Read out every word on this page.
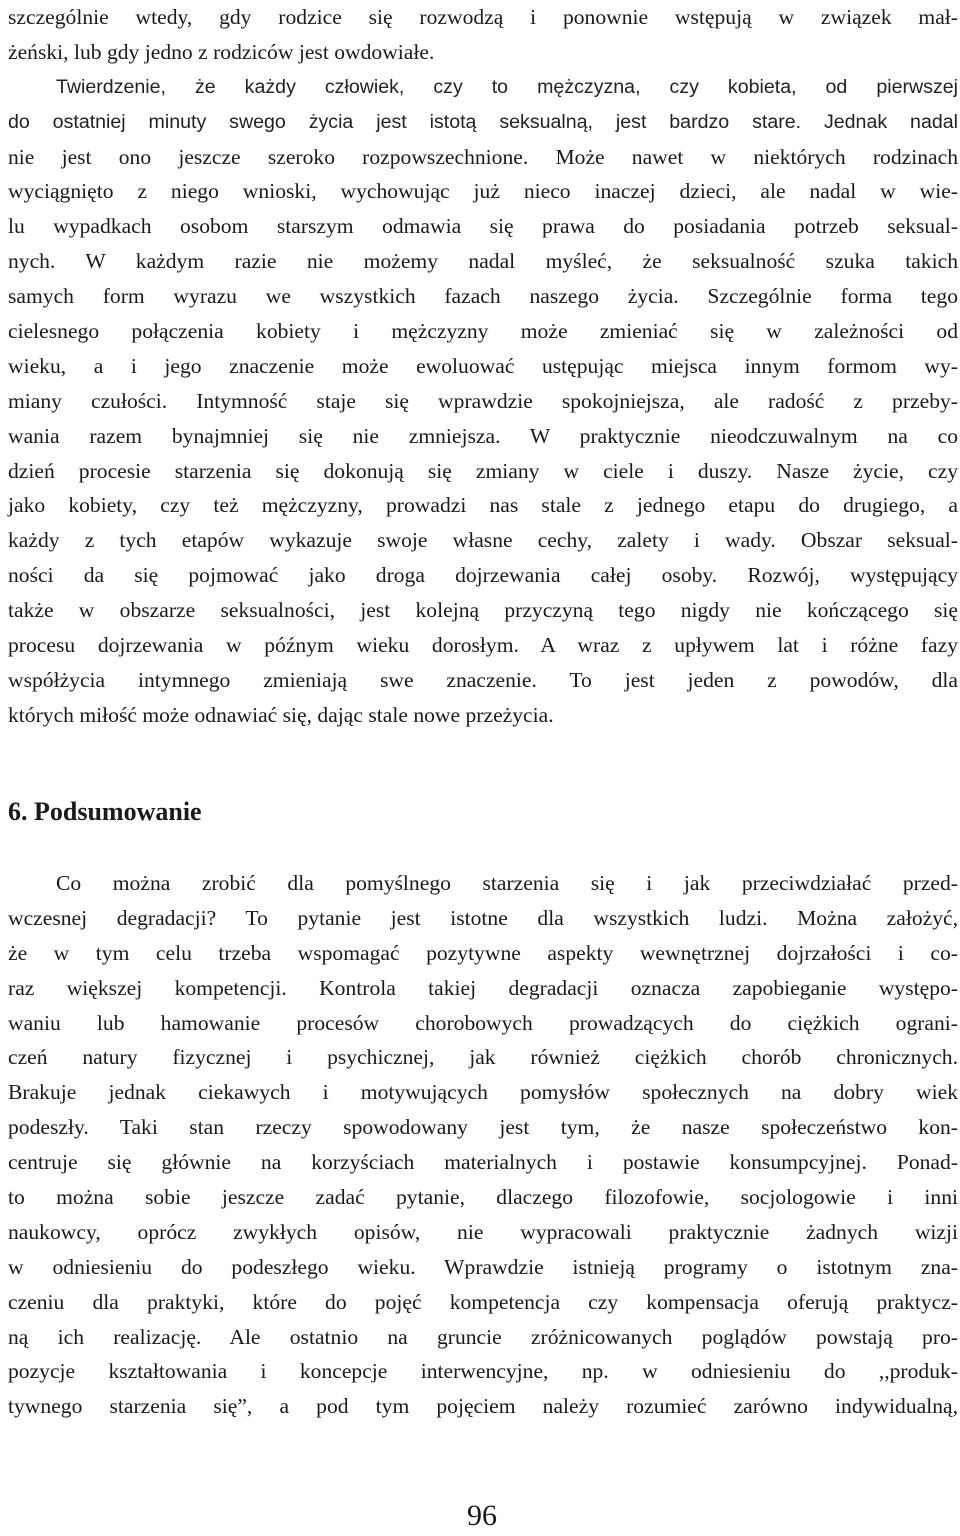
szczególnie wtedy, gdy rodzice się rozwodzą i ponownie wstępują w związek mał-
żeński, lub gdy jedno z rodziców jest owdowiałe.
Twierdzenie, że każdy człowiek, czy to mężczyzna, czy kobieta, od pierwszej
do ostatniej minuty swego życia jest istotą seksualną, jest bardzo stare. Jednak nadal
nie jest ono jeszcze szeroko rozpowszechnione. Może nawet w niektórych rodzinach
wyciągnięto z niego wnioski, wychowując już nieco inaczej dzieci, ale nadal w wie-
lu wypadkach osobom starszym odmawia się prawa do posiadania potrzeb seksual-
nych. W każdym razie nie możemy nadal myśleć, że seksualność szuka takich
samych form wyrazu we wszystkich fazach naszego życia. Szczególnie forma tego
cielesnego połączenia kobiety i mężczyzny może zmieniać się w zależności od
wieku, a i jego znaczenie może ewoluować ustępując miejsca innym formom wy-
miany czułości. Intymność staje się wprawdzie spokojniejsza, ale radość z przeby-
wania razem bynajmniej się nie zmniejsza. W praktycznie nieodczuwalnym na co
dzień procesie starzenia się dokonują się zmiany w ciele i duszy. Nasze życie, czy
jako kobiety, czy też mężczyzny, prowadzi nas stale z jednego etapu do drugiego, a
każdy z tych etapów wykazuje swoje własne cechy, zalety i wady. Obszar seksual-
ności da się pojmować jako droga dojrzewania całej osoby. Rozwój, występujący
także w obszarze seksualności, jest kolejną przyczyną tego nigdy nie kończącego się
procesu dojrzewania w późnym wieku dorosłym. A wraz z upływem lat i różne fazy
współżycia intymnego zmieniają swe znaczenie. To jest jeden z powodów, dla
których miłość może odnawiać się, dając stale nowe przeżycia.
6. Podsumowanie
Co można zrobić dla pomyślnego starzenia się i jak przeciwdziałać przed-
wczesnej degradacji? To pytanie jest istotne dla wszystkich ludzi. Można założyć,
że w tym celu trzeba wspomagać pozytywne aspekty wewnętrznej dojrzałości i co-
raz większej kompetencji. Kontrola takiej degradacji oznacza zapobieganie występo-
waniu lub hamowanie procesów chorobowych prowadzących do ciężkich ograni-
czeń natury fizycznej i psychicznej, jak również ciężkich chorób chronicznych.
Brakuje jednak ciekawych i motywujących pomysłów społecznych na dobry wiek
podeszły. Taki stan rzeczy spowodowany jest tym, że nasze społeczeństwo kon-
centruje się głównie na korzyściach materialnych i postawie konsumpcyjnej. Ponad-
to można sobie jeszcze zadać pytanie, dlaczego filozofowie, socjologowie i inni
naukowcy, oprócz zwykłych opisów, nie wypracowali praktycznie żadnych wizji
w odniesieniu do podeszłego wieku. Wprawdzie istnieją programy o istotnym zna-
czeniu dla praktyki, które do pojęć kompetencja czy kompensacja oferują praktycz-
ną ich realizację. Ale ostatnio na gruncie zróżnicowanych poglądów powstają pro-
pozycje kształtowania i koncepcje interwencyjne, np. w odniesieniu do ,,produk-
tywnego starzenia się”, a pod tym pojęciem należy rozumieć zarówno indywidualną,
96
